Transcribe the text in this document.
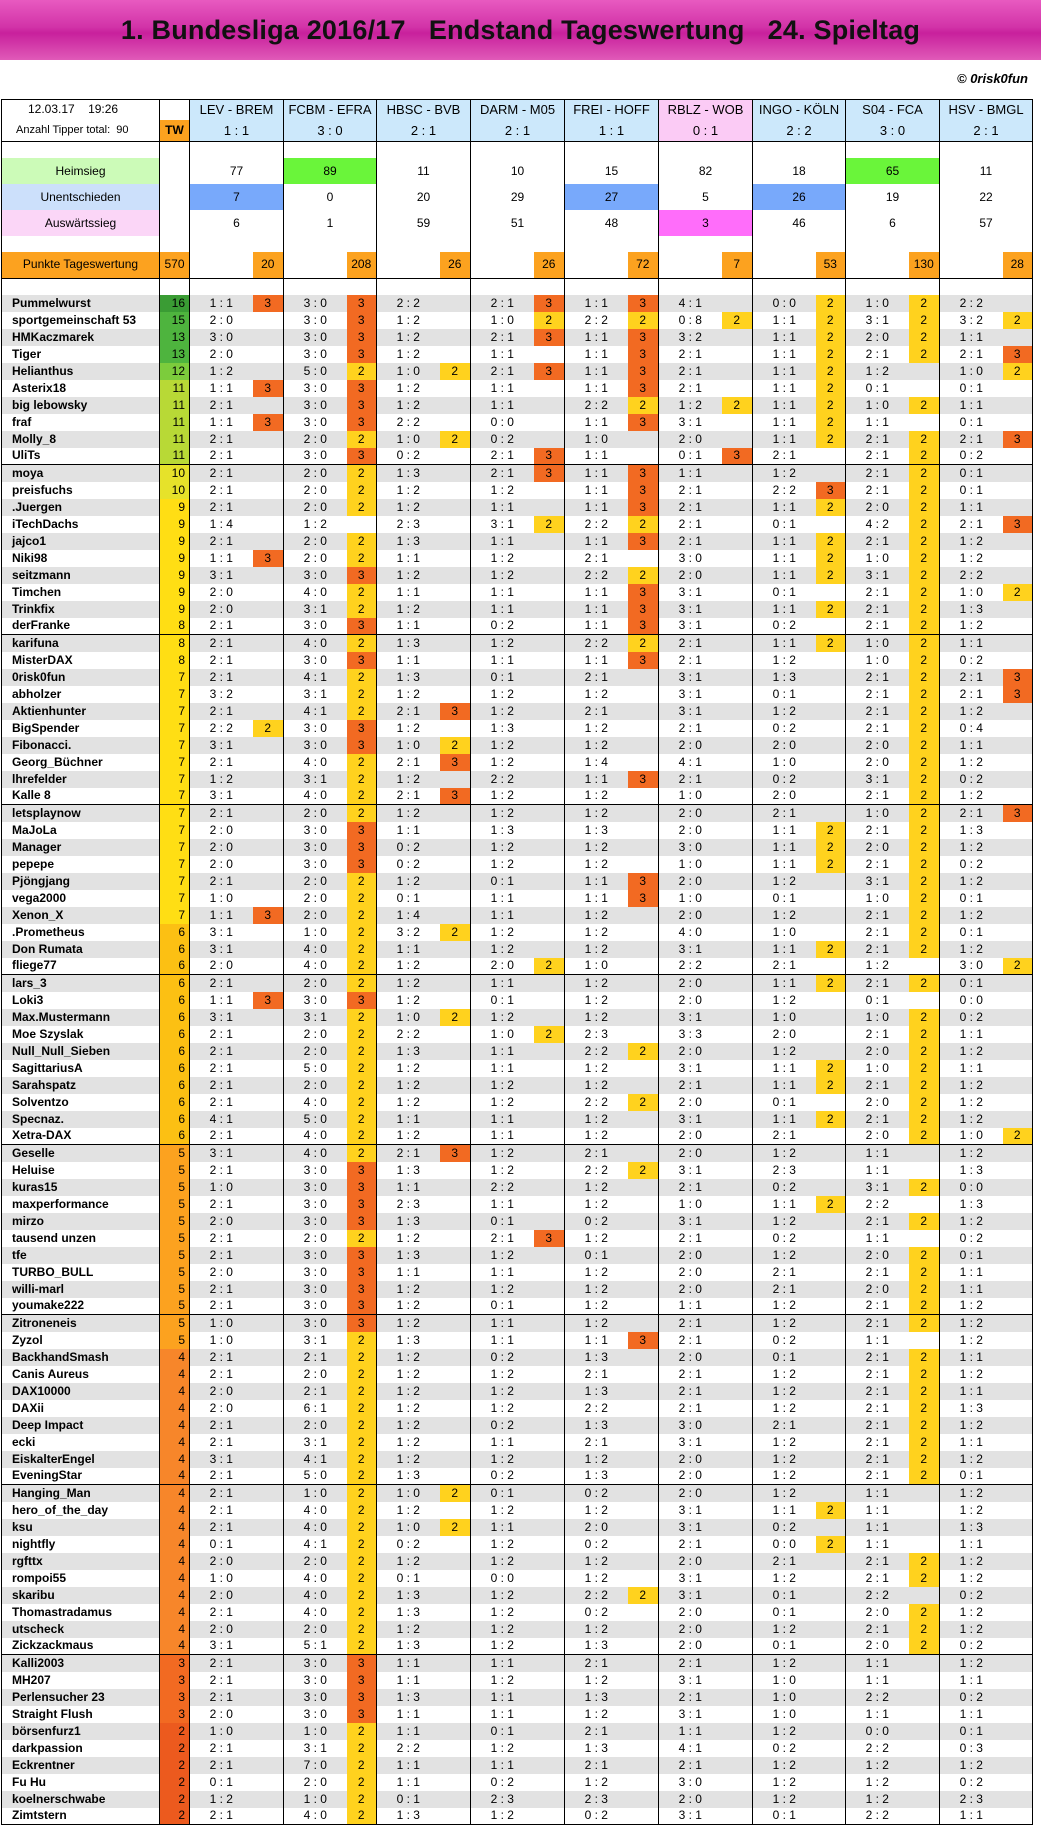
1. Bundesliga 2016/17   Endstand Tageswertung   24. Spieltag
© 0risk0fun
12.03.17 19:26		LEV - BREM		FCBM - EFRA		HBSC - BVB		DARM - M05		FREI - HOFF		RBLZ - WOB		INGO - KÖLN		S04 - FCA		HSV - BMGL	
Anzahl Tipper total: 90	TW	1 : 1		3 : 0		2 : 1		2 : 1		1 : 1		0 : 1		2 : 2		3 : 0		2 : 1	

Heimsieg		77		89		11		10		15		82		18		65		11	
Unentschieden		7		0		20		29		27		5		26		19		22	
Auswärtssieg		6		1		59		51		48		3		46		6		57	

Punkte Tageswertung	570		20		208		26		26		72		7		53		130		28

Pummelwurst	16	1 : 1	3	3 : 0	3	2 : 2		2 : 1	3	1 : 1	3	4 : 1		0 : 0	2	1 : 0	2	2 : 2	
sportgemeinschaft 53	15	2 : 0		3 : 0	3	1 : 2		1 : 0	2	2 : 2	2	0 : 8	2	1 : 1	2	3 : 1	2	3 : 2	2
HMKaczmarek	13	3 : 0		3 : 0	3	1 : 2		2 : 1	3	1 : 1	3	3 : 2		1 : 1	2	2 : 0	2	1 : 1	
Tiger	13	2 : 0		3 : 0	3	1 : 2		1 : 1		1 : 1	3	2 : 1		1 : 1	2	2 : 1	2	2 : 1	3
Helianthus	12	1 : 2		5 : 0	2	1 : 0	2	2 : 1	3	1 : 1	3	2 : 1		1 : 1	2	1 : 2		1 : 0	2
Asterix18	11	1 : 1	3	3 : 0	3	1 : 2		1 : 1		1 : 1	3	2 : 1		1 : 1	2	0 : 1		0 : 1	
big lebowsky	11	2 : 1		3 : 0	3	1 : 2		1 : 1		2 : 2	2	1 : 2	2	1 : 1	2	1 : 0	2	1 : 1	
fraf	11	1 : 1	3	3 : 0	3	2 : 2		0 : 0		1 : 1	3	3 : 1		1 : 1	2	1 : 1		0 : 1	
Molly_8	11	2 : 1		2 : 0	2	1 : 0	2	0 : 2		1 : 0		2 : 0		1 : 1	2	2 : 1	2	2 : 1	3
UliTs	11	2 : 1		3 : 0	3	0 : 2		2 : 1	3	1 : 1		0 : 1	3	2 : 1		2 : 1	2	0 : 2	
moya	10	2 : 1		2 : 0	2	1 : 3		2 : 1	3	1 : 1	3	1 : 1		1 : 2		2 : 1	2	0 : 1	
preisfuchs	10	2 : 1		2 : 0	2	1 : 2		1 : 2		1 : 1	3	2 : 1		2 : 2	3	2 : 1	2	0 : 1	
.Juergen	9	2 : 1		2 : 0	2	1 : 2		1 : 1		1 : 1	3	2 : 1		1 : 1	2	2 : 0	2	1 : 1	
iTechDachs	9	1 : 4		1 : 2		2 : 3		3 : 1	2	2 : 2	2	2 : 1		0 : 1		4 : 2	2	2 : 1	3
jajco1	9	2 : 1		2 : 0	2	1 : 3		1 : 1		1 : 1	3	2 : 1		1 : 1	2	2 : 1	2	1 : 2	
Niki98	9	1 : 1	3	2 : 0	2	1 : 1		1 : 2		2 : 1		3 : 0		1 : 1	2	1 : 0	2	1 : 2	
seitzmann	9	3 : 1		3 : 0	3	1 : 2		1 : 2		2 : 2	2	2 : 0		1 : 1	2	3 : 1	2	2 : 2	
Timchen	9	2 : 0		4 : 0	2	1 : 1		1 : 1		1 : 1	3	3 : 1		0 : 1		2 : 1	2	1 : 0	2
Trinkfix	9	2 : 0		3 : 1	2	1 : 2		1 : 1		1 : 1	3	3 : 1		1 : 1	2	2 : 1	2	1 : 3	
derFranke	8	2 : 1		3 : 0	3	1 : 1		0 : 2		1 : 1	3	3 : 1		0 : 2		2 : 1	2	1 : 2	
karifuna	8	2 : 1		4 : 0	2	1 : 3		1 : 2		2 : 2	2	2 : 1		1 : 1	2	1 : 0	2	1 : 1	
MisterDAX	8	2 : 1		3 : 0	3	1 : 1		1 : 1		1 : 1	3	2 : 1		1 : 2		1 : 0	2	0 : 2	
0risk0fun	7	2 : 1		4 : 1	2	1 : 3		0 : 1		2 : 1		3 : 1		1 : 3		2 : 1	2	2 : 1	3
abholzer	7	3 : 2		3 : 1	2	1 : 2		1 : 2		1 : 2		3 : 1		0 : 1		2 : 1	2	2 : 1	3
Aktienhunter	7	2 : 1		4 : 1	2	2 : 1	3	1 : 2		2 : 1		3 : 1		1 : 2		2 : 1	2	1 : 2	
BigSpender	7	2 : 2	2	3 : 0	3	1 : 2		1 : 3		1 : 2		2 : 1		0 : 2		2 : 1	2	0 : 4	
Fibonacci.	7	3 : 1		3 : 0	3	1 : 0	2	1 : 2		1 : 2		2 : 0		2 : 0		2 : 0	2	1 : 1	
Georg_Büchner	7	2 : 1		4 : 0	2	2 : 1	3	1 : 2		1 : 4		4 : 1		1 : 0		2 : 0	2	1 : 2	
lhrefelder	7	1 : 2		3 : 1	2	1 : 2		2 : 2		1 : 1	3	2 : 1		0 : 2		3 : 1	2	0 : 2	
Kalle 8	7	3 : 1		4 : 0	2	2 : 1	3	1 : 2		1 : 2		1 : 0		2 : 0		2 : 1	2	1 : 2	
letsplaynow	7	2 : 1		2 : 0	2	1 : 2		1 : 2		1 : 2		2 : 0		2 : 1		1 : 0	2	2 : 1	3
MaJoLa	7	2 : 0		3 : 0	3	1 : 1		1 : 3		1 : 3		2 : 0		1 : 1	2	2 : 1	2	1 : 3	
Manager	7	2 : 0		3 : 0	3	0 : 2		1 : 2		1 : 2		3 : 0		1 : 1	2	2 : 0	2	1 : 2	
pepepe	7	2 : 0		3 : 0	3	0 : 2		1 : 2		1 : 2		1 : 0		1 : 1	2	2 : 1	2	0 : 2	
Pjöngjang	7	2 : 1		2 : 0	2	1 : 2		0 : 1		1 : 1	3	2 : 0		1 : 2		3 : 1	2	1 : 2	
vega2000	7	1 : 0		2 : 0	2	0 : 1		1 : 1		1 : 1	3	1 : 0		0 : 1		1 : 0	2	0 : 1	
Xenon_X	7	1 : 1	3	2 : 0	2	1 : 4		1 : 1		1 : 2		2 : 0		1 : 2		2 : 1	2	1 : 2	
.Prometheus	6	3 : 1		1 : 0	2	3 : 2	2	1 : 2		1 : 2		4 : 0		1 : 0		2 : 1	2	0 : 1	
Don Rumata	6	3 : 1		4 : 0	2	1 : 1		1 : 2		1 : 2		3 : 1		1 : 1	2	2 : 1	2	1 : 2	
fliege77	6	2 : 0		4 : 0	2	1 : 2		2 : 0	2	1 : 0		2 : 2		2 : 1		1 : 2		3 : 0	2
lars_3	6	2 : 1		2 : 0	2	1 : 2		1 : 1		1 : 2		2 : 0		1 : 1	2	2 : 1	2	0 : 1	
Loki3	6	1 : 1	3	3 : 0	3	1 : 2		0 : 1		1 : 2		2 : 0		1 : 2		0 : 1		0 : 0	
Max.Mustermann	6	3 : 1		3 : 1	2	1 : 0	2	1 : 2		1 : 2		3 : 1		1 : 0		1 : 0	2	0 : 2	
Moe Szyslak	6	2 : 1		2 : 0	2	2 : 2		1 : 0	2	2 : 3		3 : 3		2 : 0		2 : 1	2	1 : 1	
Null_Null_Sieben	6	2 : 1		2 : 0	2	1 : 3		1 : 1		2 : 2	2	2 : 0		1 : 2		2 : 0	2	1 : 2	
SagittariusA	6	2 : 1		5 : 0	2	1 : 2		1 : 1		1 : 2		3 : 1		1 : 1	2	1 : 0	2	1 : 1	
Sarahspatz	6	2 : 1		2 : 0	2	1 : 2		1 : 2		1 : 2		2 : 1		1 : 1	2	2 : 1	2	1 : 2	
Solventzo	6	2 : 1		4 : 0	2	1 : 2		1 : 2		2 : 2	2	2 : 0		0 : 1		2 : 0	2	1 : 2	
Specnaz.	6	4 : 1		5 : 0	2	1 : 1		1 : 1		1 : 2		3 : 1		1 : 1	2	2 : 1	2	1 : 2	
Xetra-DAX	6	2 : 1		4 : 0	2	1 : 2		1 : 1		1 : 2		2 : 0		2 : 1		2 : 0	2	1 : 0	2
Geselle	5	3 : 1		4 : 0	2	2 : 1	3	1 : 2		2 : 1		2 : 0		1 : 2		1 : 1		1 : 2	
Heluise	5	2 : 1		3 : 0	3	1 : 3		1 : 2		2 : 2	2	3 : 1		2 : 3		1 : 1		1 : 3	
kuras15	5	1 : 0		3 : 0	3	1 : 1		2 : 2		1 : 2		2 : 1		0 : 2		3 : 1	2	0 : 0	
maxperformance	5	2 : 1		3 : 0	3	2 : 3		1 : 1		1 : 2		1 : 0		1 : 1	2	2 : 2		1 : 3	
mirzo	5	2 : 0		3 : 0	3	1 : 3		0 : 1		0 : 2		3 : 1		1 : 2		2 : 1	2	1 : 2	
tausend unzen	5	2 : 1		2 : 0	2	1 : 2		2 : 1	3	1 : 2		2 : 1		0 : 2		1 : 1		0 : 2	
tfe	5	2 : 1		3 : 0	3	1 : 3		1 : 2		0 : 1		2 : 0		1 : 2		2 : 0	2	0 : 1	
TURBO_BULL	5	2 : 0		3 : 0	3	1 : 1		1 : 1		1 : 2		2 : 0		2 : 1		2 : 1	2	1 : 1	
willi-marl	5	2 : 1		3 : 0	3	1 : 2		1 : 2		1 : 2		2 : 0		2 : 1		2 : 0	2	1 : 1	
youmake222	5	2 : 1		3 : 0	3	1 : 2		0 : 1		1 : 2		1 : 1		1 : 2		2 : 1	2	1 : 2	
Zitroneneis	5	1 : 0		3 : 0	3	1 : 2		1 : 1		1 : 2		2 : 1		1 : 2		2 : 1	2	1 : 2	
Zyzol	5	1 : 0		3 : 1	2	1 : 3		1 : 1		1 : 1	3	2 : 1		0 : 2		1 : 1		1 : 2	
BackhandSmash	4	2 : 1		2 : 1	2	1 : 2		0 : 2		1 : 3		2 : 0		0 : 1		2 : 1	2	1 : 1	
Canis Aureus	4	2 : 1		2 : 0	2	1 : 2		1 : 2		2 : 1		2 : 1		1 : 2		2 : 1	2	1 : 2	
DAX10000	4	2 : 0		2 : 1	2	1 : 2		1 : 2		1 : 3		2 : 1		1 : 2		2 : 1	2	1 : 1	
DAXii	4	2 : 0		6 : 1	2	1 : 2		1 : 2		2 : 2		2 : 1		1 : 2		2 : 1	2	1 : 3	
Deep Impact	4	2 : 1		2 : 0	2	1 : 2		0 : 2		1 : 3		3 : 0		2 : 1		2 : 1	2	1 : 2	
ecki	4	2 : 1		3 : 1	2	1 : 2		1 : 1		2 : 1		3 : 1		1 : 2		2 : 1	2	1 : 1	
EiskalterEngel	4	3 : 1		4 : 1	2	1 : 2		1 : 2		1 : 2		2 : 0		1 : 2		2 : 1	2	1 : 2	
EveningStar	4	2 : 1		5 : 0	2	1 : 3		0 : 2		1 : 3		2 : 0		1 : 2		2 : 1	2	0 : 1	
Hanging_Man	4	2 : 1		1 : 0	2	1 : 0	2	0 : 1		0 : 2		2 : 0		1 : 2		1 : 1		1 : 2	
hero_of_the_day	4	2 : 1		4 : 0	2	1 : 2		1 : 2		1 : 2		3 : 1		1 : 1	2	1 : 1		1 : 2	
ksu	4	2 : 1		4 : 0	2	1 : 0	2	1 : 1		2 : 0		3 : 1		0 : 2		1 : 1		1 : 3	
nightfly	4	0 : 1		4 : 1	2	0 : 2		1 : 2		0 : 2		2 : 1		0 : 0	2	1 : 1		1 : 1	
rgfttx	4	2 : 0		2 : 0	2	1 : 2		1 : 2		1 : 2		2 : 0		2 : 1		2 : 1	2	1 : 2	
rompoi55	4	1 : 0		4 : 0	2	0 : 1		0 : 0		1 : 2		3 : 1		1 : 2		2 : 1	2	1 : 2	
skaribu	4	2 : 0		4 : 0	2	1 : 3		1 : 2		2 : 2	2	3 : 1		0 : 1		2 : 2		0 : 2	
Thomastradamus	4	2 : 1		4 : 0	2	1 : 3		1 : 2		0 : 2		2 : 0		0 : 1		2 : 0	2	1 : 2	
utscheck	4	2 : 0		2 : 0	2	1 : 2		1 : 2		1 : 2		2 : 0		1 : 2		2 : 1	2	1 : 2	
Zickzackmaus	4	3 : 1		5 : 1	2	1 : 3		1 : 2		1 : 3		2 : 0		0 : 1		2 : 0	2	0 : 2	
Kalli2003	3	2 : 1		3 : 0	3	1 : 1		1 : 1		2 : 1		2 : 1		1 : 2		1 : 1		1 : 2	
MH207	3	2 : 1		3 : 0	3	1 : 1		1 : 2		1 : 2		3 : 1		1 : 0		1 : 1		1 : 1	
Perlensucher 23	3	2 : 1		3 : 0	3	1 : 3		1 : 1		1 : 3		2 : 1		1 : 0		2 : 2		0 : 2	
Straight Flush	3	2 : 0		3 : 0	3	1 : 1		1 : 1		1 : 2		3 : 1		1 : 0		1 : 1		1 : 1	
börsenfurz1	2	1 : 0		1 : 0	2	1 : 1		0 : 1		2 : 1		1 : 1		1 : 2		0 : 0		0 : 1	
darkpassion	2	2 : 1		3 : 1	2	2 : 2		1 : 2		1 : 3		4 : 1		0 : 2		2 : 2		0 : 3	
Eckrentner	2	2 : 1		7 : 0	2	1 : 1		1 : 1		2 : 1		2 : 1		1 : 2		1 : 2		1 : 2	
Fu Hu	2	0 : 1		2 : 0	2	1 : 1		0 : 2		1 : 2		3 : 0		1 : 2		1 : 2		0 : 2	
koelnerschwabe	2	1 : 2		1 : 0	2	0 : 1		2 : 3		2 : 3		2 : 0		1 : 2		1 : 2		2 : 3	
Zimtstern	2	2 : 1		4 : 0	2	1 : 3		1 : 2		0 : 2		3 : 1		0 : 1		2 : 2		1 : 1	
